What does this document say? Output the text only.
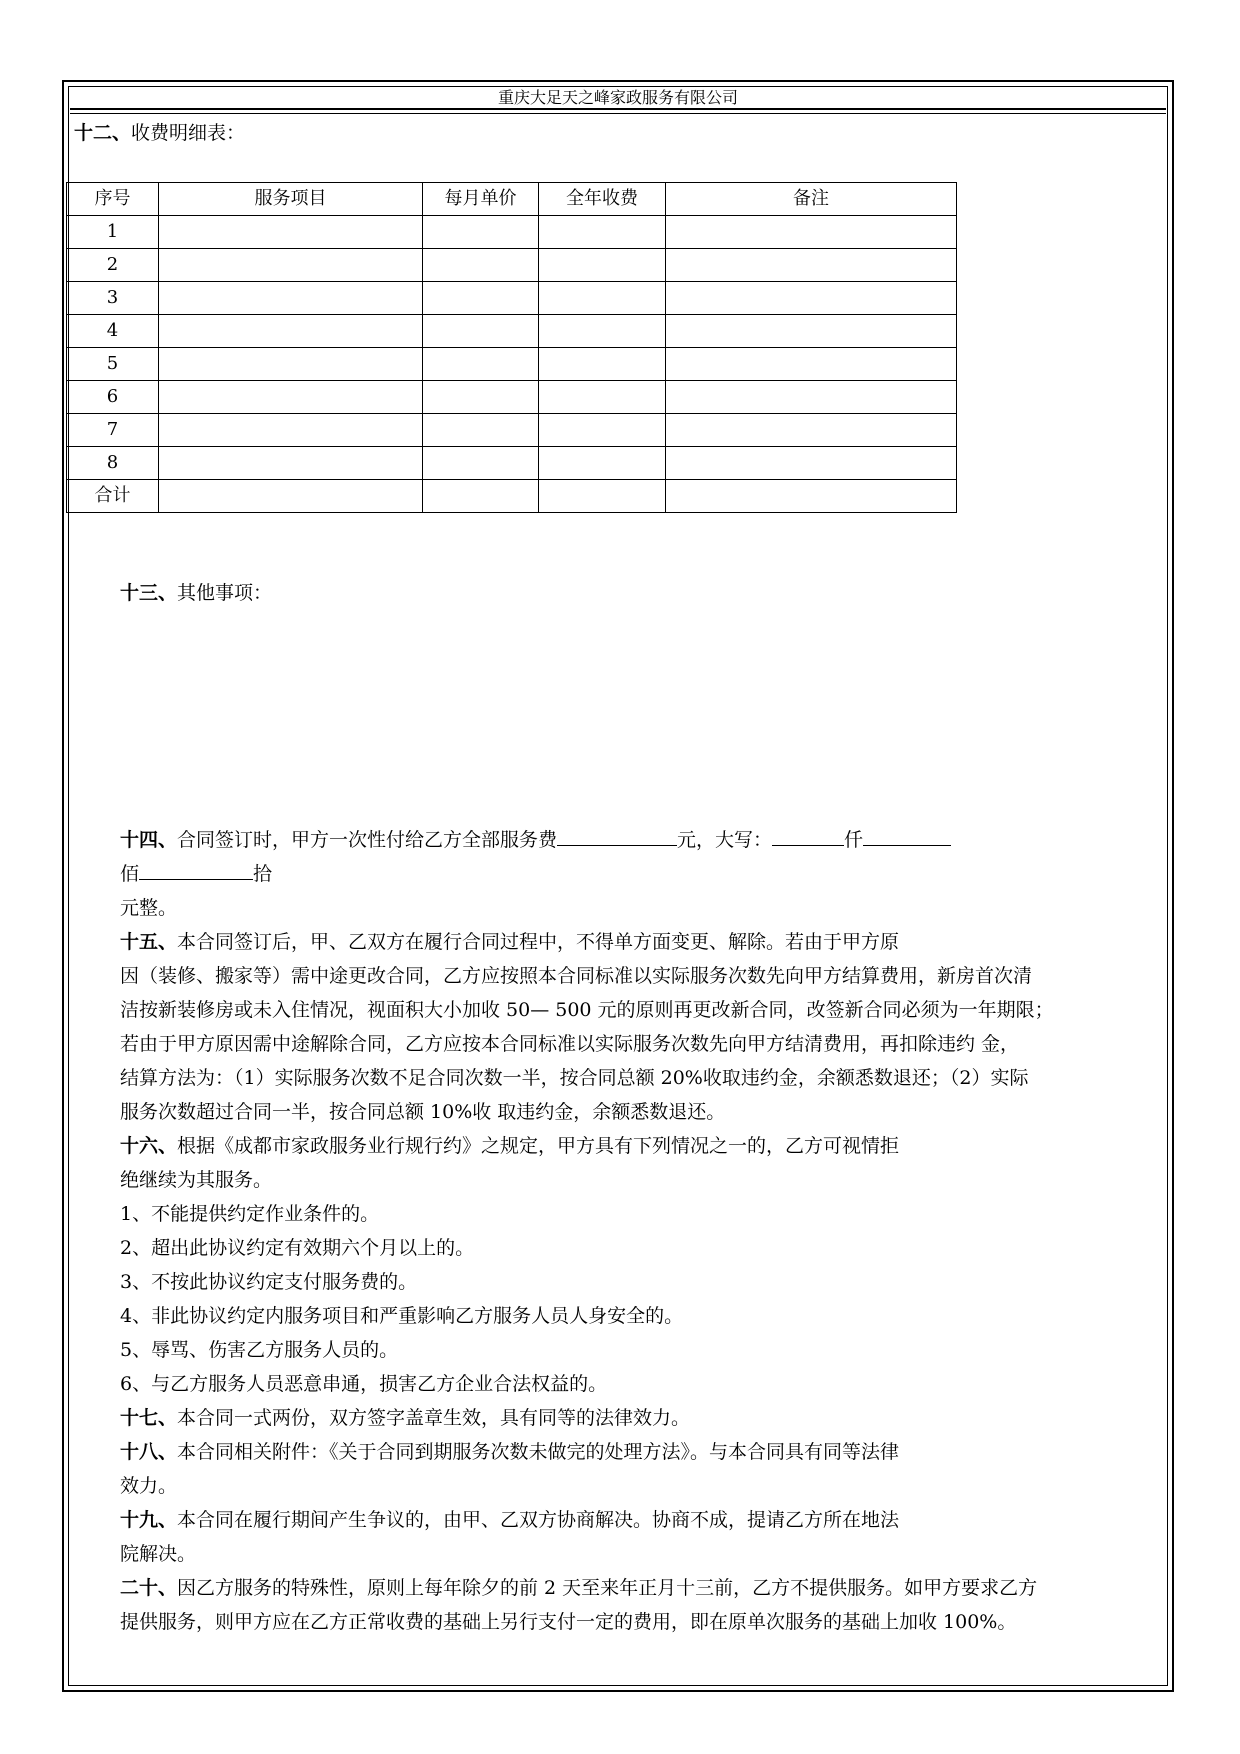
重庆大足天之峰家政服务有限公司
十二、收费明细表：
序号	服务项目	每月单价	全年收费	备注
1				
2				
3				
4				
5				
6				
7				
8				
合计				
十三、其他事项：
十四、合同签订时，甲方一次性付给乙方全部服务费	元，大写：	仟
佰	拾
元整。
十五、本合同签订后，甲、乙双方在履行合同过程中，不得单方面变更、解除。若由于甲方原
因（装修、搬家等）需中途更改合同，乙方应按照本合同标准以实际服务次数先向甲方结算费用，新房首次清
洁按新装修房或未入住情况，视面积大小加收 50— 500 元的原则再更改新合同，改签新合同必须为一年期限；
若由于甲方原因需中途解除合同，乙方应按本合同标准以实际服务次数先向甲方结清费用，再扣除违约 金，
结算方法为：（1）实际服务次数不足合同次数一半，按合同总额 20%收取违约金，余额悉数退还；（2）实际
服务次数超过合同一半，按合同总额 10%收 取违约金，余额悉数退还。
十六、根据《成都市家政服务业行规行约》之规定，甲方具有下列情况之一的，乙方可视情拒
绝继续为其服务。
1、不能提供约定作业条件的。
2、超出此协议约定有效期六个月以上的。
3、不按此协议约定支付服务费的。
4、非此协议约定内服务项目和严重影响乙方服务人员人身安全的。
5、辱骂、伤害乙方服务人员的。
6、与乙方服务人员恶意串通，损害乙方企业合法权益的。
十七、本合同一式两份，双方签字盖章生效，具有同等的法律效力。
十八、本合同相关附件：《关于合同到期服务次数未做完的处理方法》。与本合同具有同等法律
效力。
十九、本合同在履行期间产生争议的，由甲、乙双方协商解决。协商不成，提请乙方所在地法
院解决。
二十、因乙方服务的特殊性，原则上每年除夕的前 2 天至来年正月十三前，乙方不提供服务。如甲方要求乙方
提供服务，则甲方应在乙方正常收费的基础上另行支付一定的费用，即在原单次服务的基础上加收 100%。
